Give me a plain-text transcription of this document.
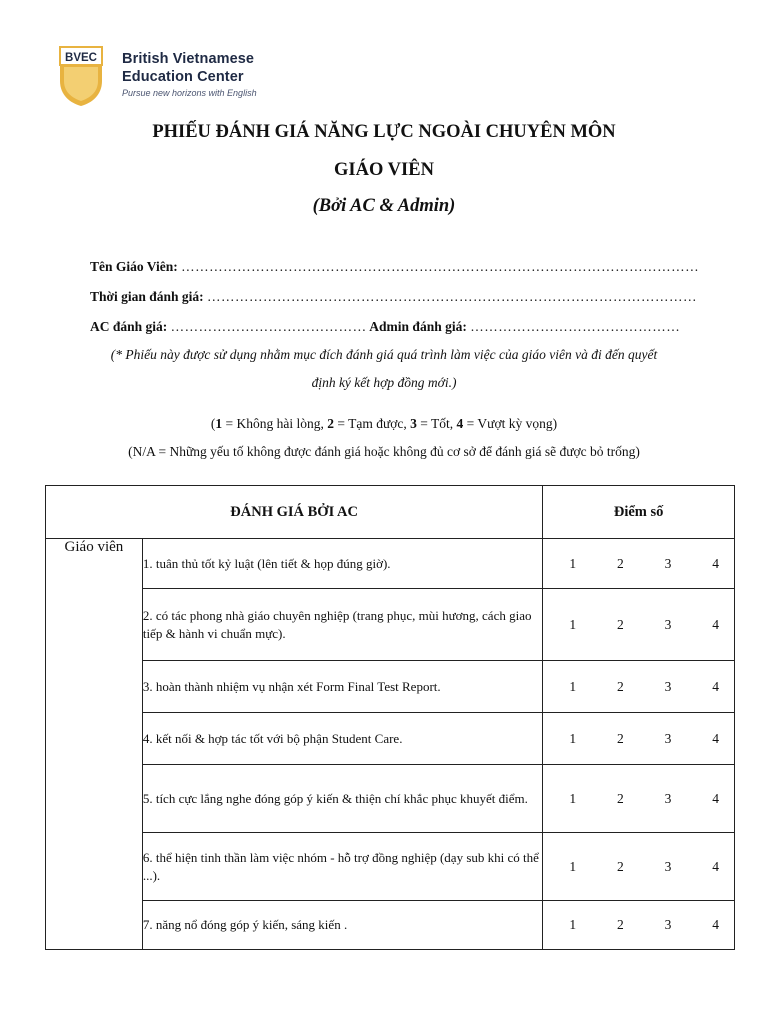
BVEC British Vietnamese
Education Center
Pursue new horizons with English
PHIẾU ĐÁNH GIÁ NĂNG LỰC NGOÀI CHUYÊN MÔN
GIÁO VIÊN
(Bởi AC & Admin)
Tên Giáo Viên: …………………………………………………………………………………………………
Thời gian đánh giá: ……………………………………………………………………………………………
AC đánh giá: …………………………………… Admin đánh giá: ………………………………………
(* Phiếu này được sử dụng nhằm mục đích đánh giá quá trình làm việc của giáo viên và đi đến quyết
định ký kết hợp đồng mới.)
(1 = Không hài lòng, 2 = Tạm được, 3 = Tốt, 4 = Vượt kỳ vọng)
(N/A = Những yếu tố không được đánh giá hoặc không đủ cơ sở để đánh giá sẽ được bỏ trống)
ĐÁNH GIÁ BỞI AC		Điểm số
Giáo viên	1. tuân thủ tốt kỷ luật (lên tiết & họp đúng giờ).	1 2 3 4

	2. có tác phong nhà giáo chuyên nghiệp (trang phục, mùi hương, cách giao tiếp & hành vi chuẩn mực).	1 2 3 4

	3. hoàn thành nhiệm vụ nhận xét Form Final Test Report.	1 2 3 4

	4. kết nối & hợp tác tốt với bộ phận Student Care.	1 2 3 4

	5. tích cực lắng nghe đóng góp ý kiến & thiện chí khắc phục khuyết điểm.	1 2 3 4

	6. thể hiện tinh thần làm việc nhóm - hỗ trợ đồng nghiệp (dạy sub khi có thể ...).	1 2 3 4

	7. năng nổ đóng góp ý kiến, sáng kiến .	1 2 3 4
